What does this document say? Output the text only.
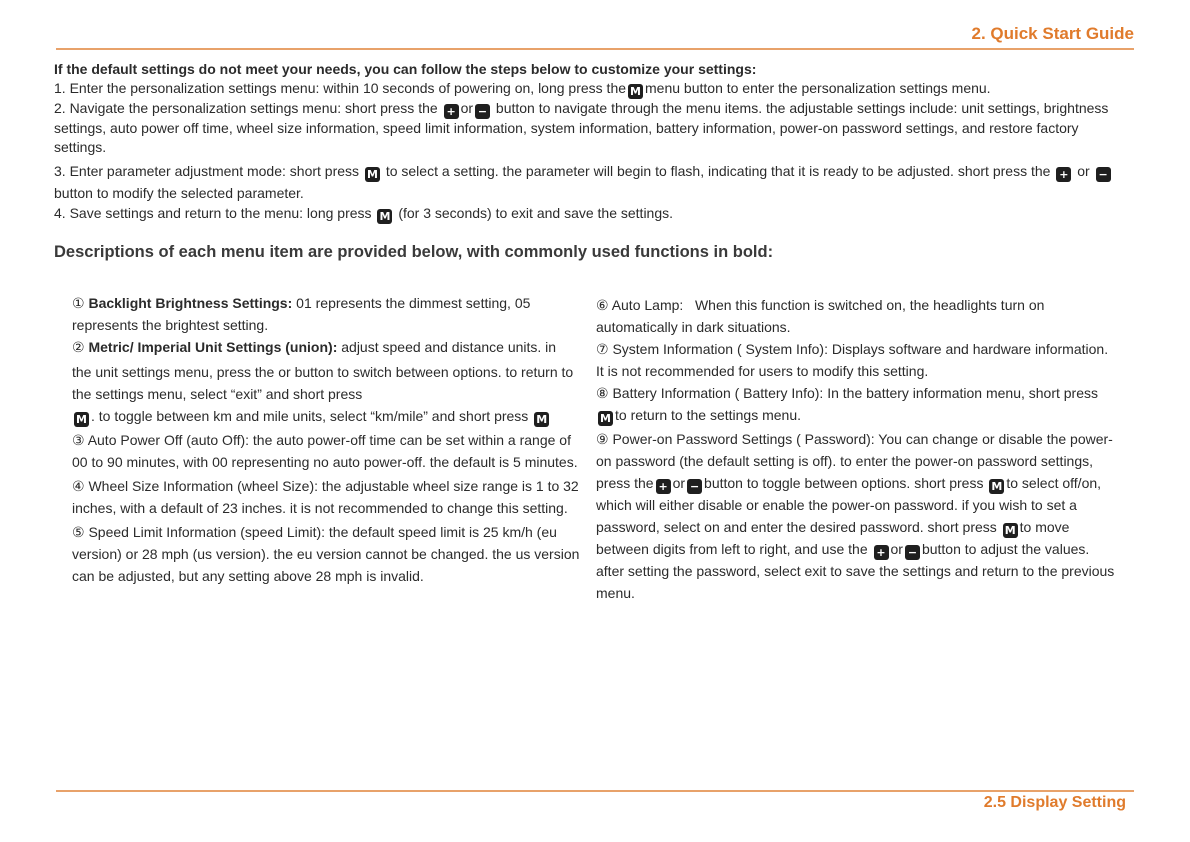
2. Quick Start Guide

If the default settings do not meet your needs, you can follow the steps below to customize your settings:

1. Enter the personalization settings menu: within 10 seconds of powering on, long press the M menu button to enter the personalization settings menu.

2. Navigate the personalization settings menu: short press the + or − button to navigate through the menu items. the adjustable settings include: unit settings, brightness settings, auto power off time, wheel size information, speed limit information, system information, battery information, power-on password settings, and restore factory settings.

3. Enter parameter adjustment mode: short press M to select a setting. the parameter will begin to flash, indicating that it is ready to be adjusted. short press the + or − button to modify the selected parameter.

4. Save settings and return to the menu: long press M (for 3 seconds) to exit and save the settings.

Descriptions of each menu item are provided below, with commonly used functions in bold:

① Backlight Brightness Settings: 01 represents the dimmest setting, 05 represents the brightest setting.

② Metric/ Imperial Unit Settings (union): adjust speed and distance units. in the unit settings menu, press the or button to switch between options. to return to the settings menu, select “exit” and short pressM . to toggle between km and mile units, select “km/mile” and short press M

③ Auto Power Off (auto Off): the auto power-off time can be set within a range of 00 to 90 minutes, with 00 representing no auto power-off. the default is 5 minutes.

④ Wheel Size Information (wheel Size): the adjustable wheel size range is 1 to 32 inches, with a default of 23 inches. it is not recommended to change this setting.

⑤ Speed Limit Information (speed Limit): the default speed limit is 25 km/h (eu version) or 28 mph (us version). the eu version cannot be changed. the us version can be adjusted, but any setting above 28 mph is invalid.

⑥ Auto Lamp: When this function is switched on, the headlights turn on automatically in dark situations.

⑦ System Information ( System Info): Displays software and hardware information. It is not recommended for users to modify this setting.

⑧ Battery Information ( Battery Info): In the battery information menu, short pressM to return to the settings menu.

⑨ Power-on Password Settings ( Password): You can change or disable the power-on password (the default setting is off). to enter the power-on password settings, press the + or − button to toggle between options. short press M to select off/on, which will either disable or enable the power-on password. if you wish to set a password, select on and enter the desired password. short press M to move between digits from left to right, and use the + or − button to adjust the values. after setting the password, select exit to save the settings and return to the previous menu.

2.5 Display Setting
